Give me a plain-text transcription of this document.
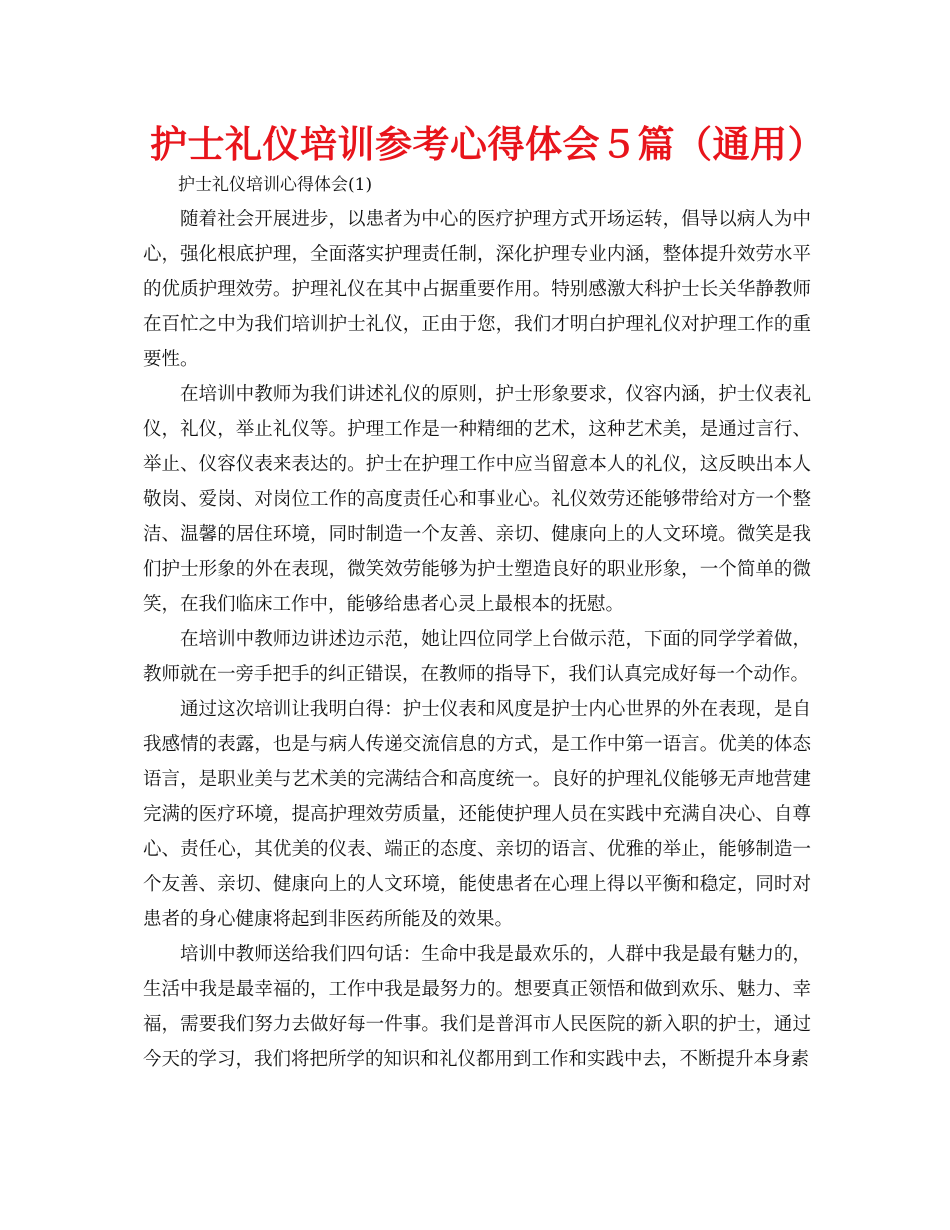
护士礼仪培训参考心得体会５篇（通用）
护士礼仪培训心得体会(1)

随着社会开展进步，以患者为中心的医疗护理方式开场运转，倡导以病人为中心，强化根底护理，全面落实护理责任制，深化护理专业内涵，整体提升效劳水平的优质护理效劳。护理礼仪在其中占据重要作用。特别感激大科护士长关华静教师在百忙之中为我们培训护士礼仪，正由于您，我们才明白护理礼仪对护理工作的重要性。

在培训中教师为我们讲述礼仪的原则，护士形象要求，仪容内涵，护士仪表礼仪，礼仪，举止礼仪等。护理工作是一种精细的艺术，这种艺术美，是通过言行、举止、仪容仪表来表达的。护士在护理工作中应当留意本人的礼仪，这反映出本人敬岗、爱岗、对岗位工作的高度责任心和事业心。礼仪效劳还能够带给对方一个整洁、温馨的居住环境，同时制造一个友善、亲切、健康向上的人文环境。微笑是我们护士形象的外在表现，微笑效劳能够为护士塑造良好的职业形象，一个简单的微笑，在我们临床工作中，能够给患者心灵上最根本的抚慰。

在培训中教师边讲述边示范，她让四位同学上台做示范，下面的同学学着做，教师就在一旁手把手的纠正错误，在教师的指导下，我们认真完成好每一个动作。

通过这次培训让我明白得：护士仪表和风度是护士内心世界的外在表现，是自我感情的表露，也是与病人传递交流信息的方式，是工作中第一语言。优美的体态语言，是职业美与艺术美的完满结合和高度统一。良好的护理礼仪能够无声地营建完满的医疗环境，提高护理效劳质量，还能使护理人员在实践中充满自决心、自尊心、责任心，其优美的仪表、端正的态度、亲切的语言、优雅的举止，能够制造一个友善、亲切、健康向上的人文环境，能使患者在心理上得以平衡和稳定，同时对患者的身心健康将起到非医药所能及的效果。

培训中教师送给我们四句话：生命中我是最欢乐的，人群中我是最有魅力的，生活中我是最幸福的，工作中我是最努力的。想要真正领悟和做到欢乐、魅力、幸福，需要我们努力去做好每一件事。我们是普洱市人民医院的新入职的护士，通过今天的学习，我们将把所学的知识和礼仪都用到工作和实践中去，不断提升本身素
